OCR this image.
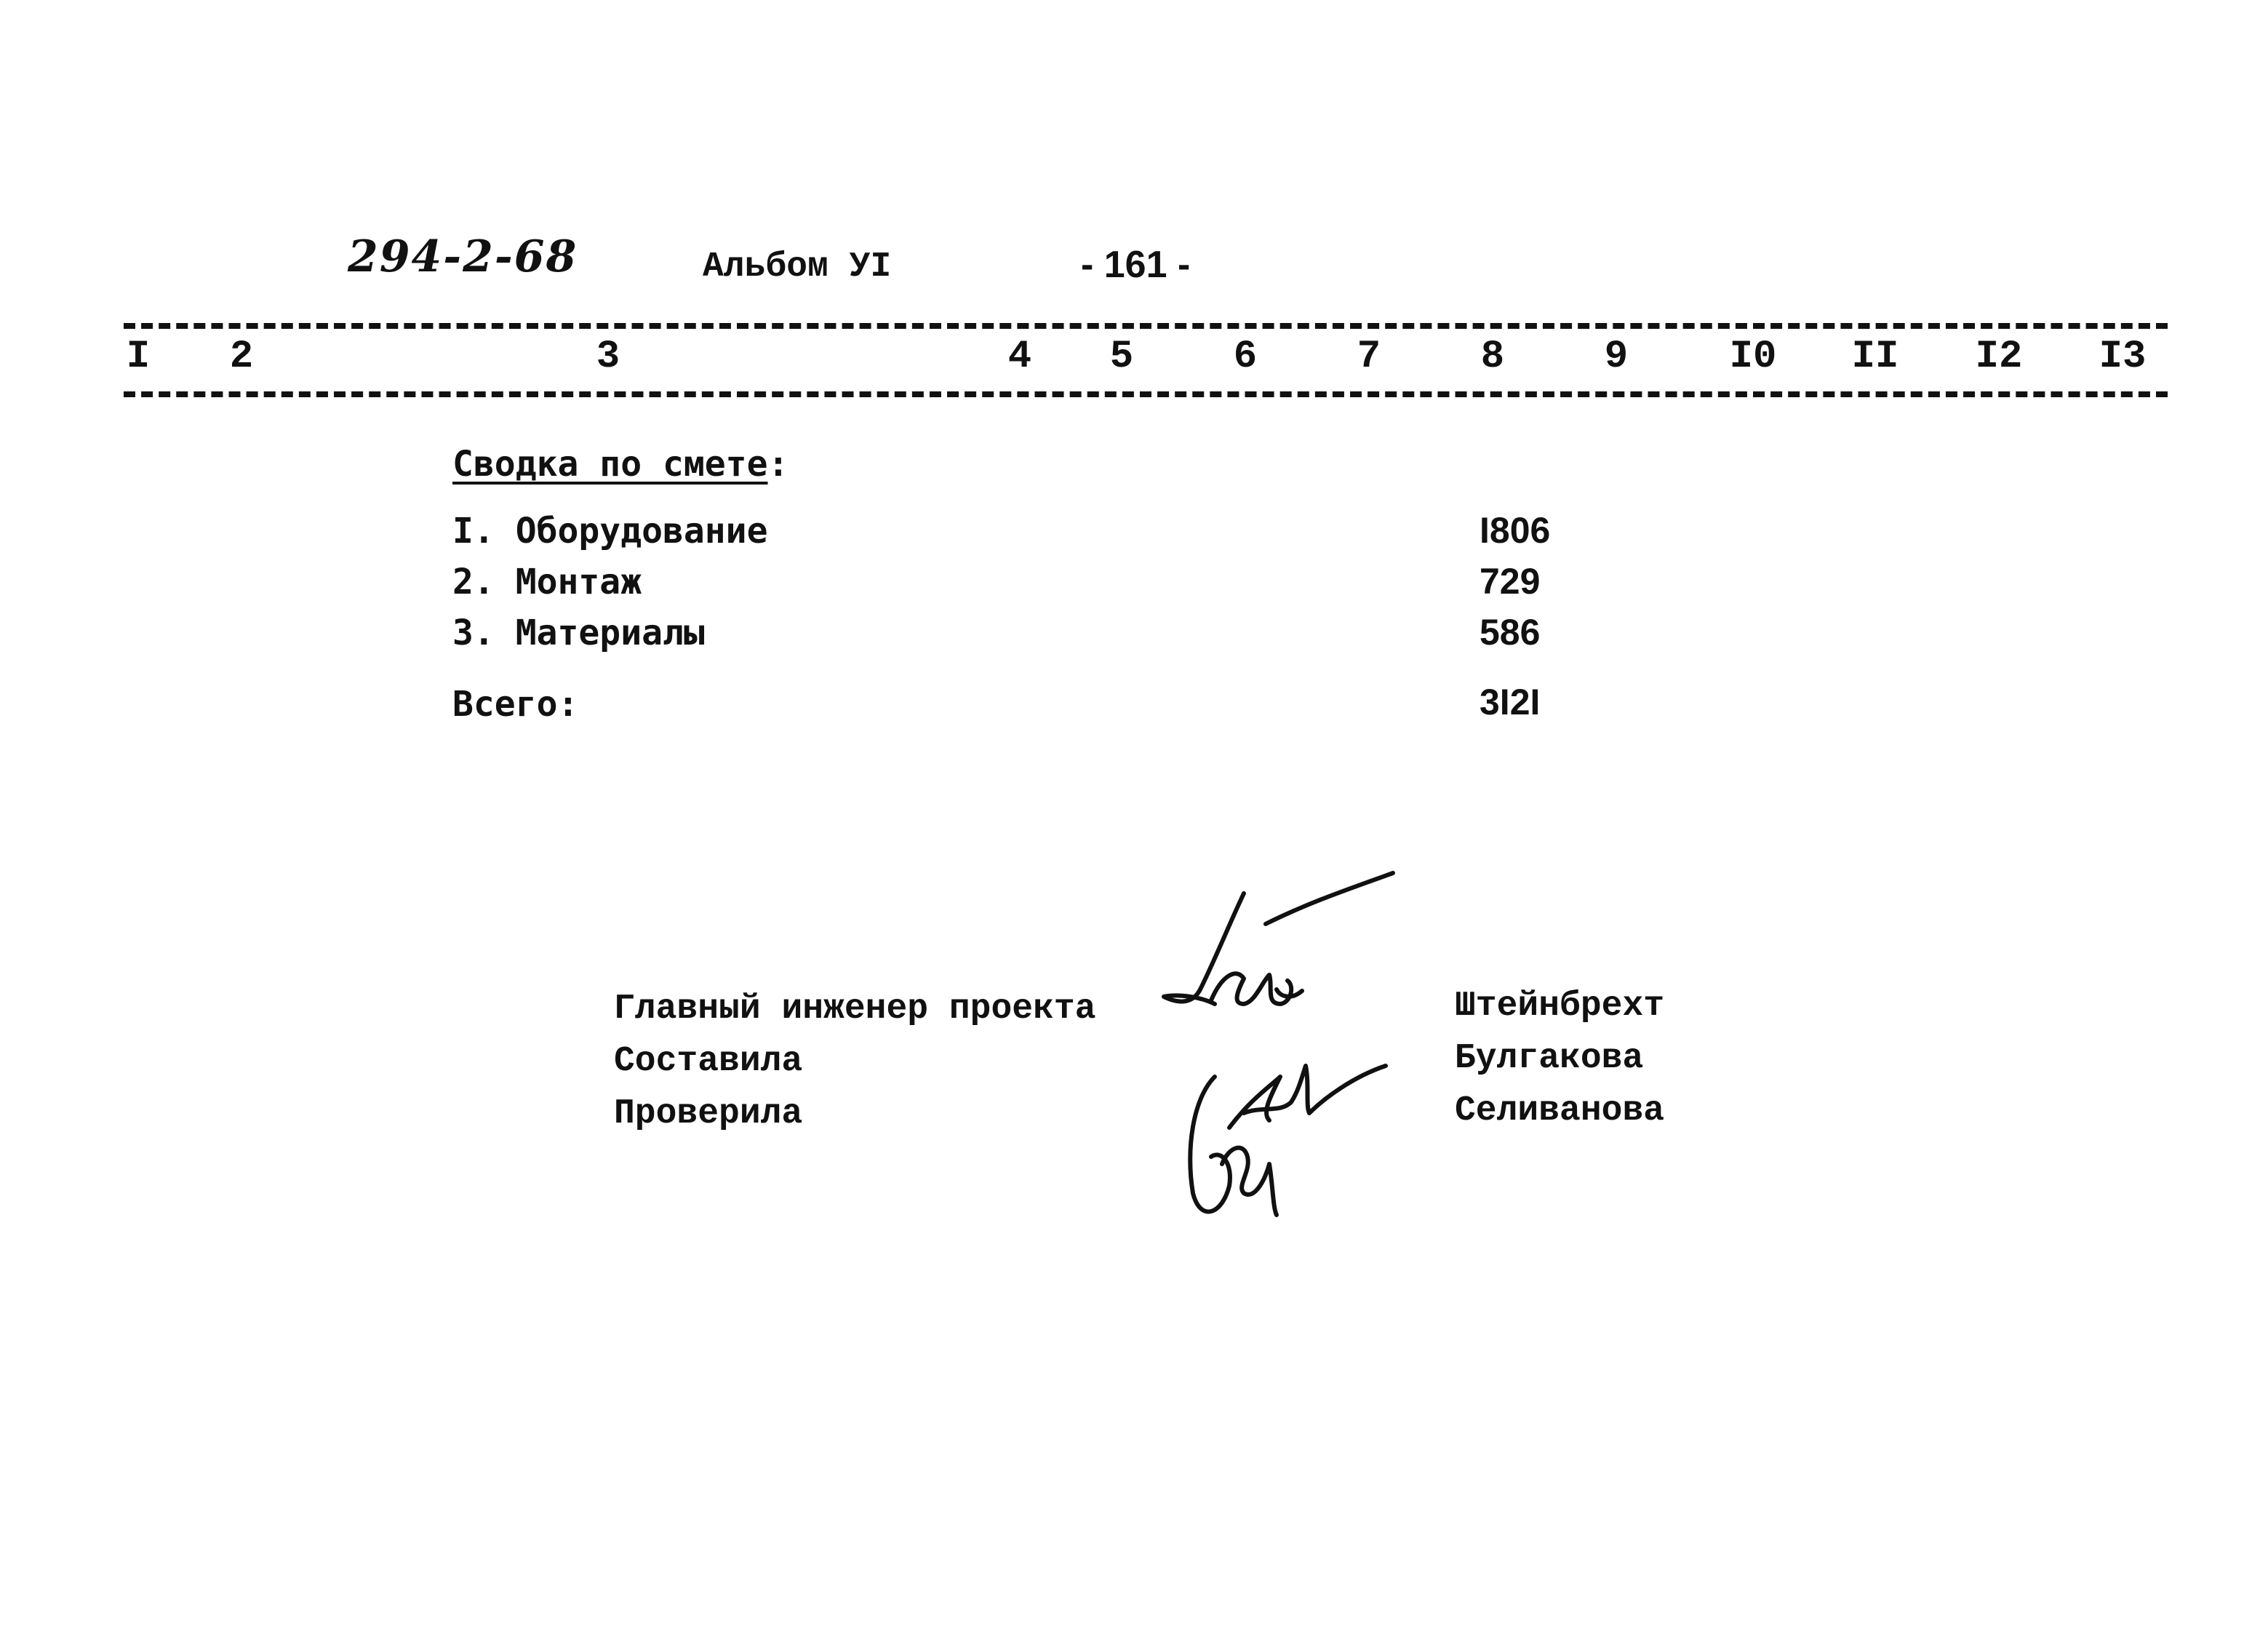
294-2-68	Альбом УI	- 161 -
I 2	3	4 5	6	7	8	9	I0 II I2 I3
Сводка по смете:
I. Оборудование	I806
2. Монтаж	729
3. Материалы	586
Всего:	3I2I
Главный инженер проекта	Штейнбрехт
Составила	Булгакова
Проверила	Селиванова
